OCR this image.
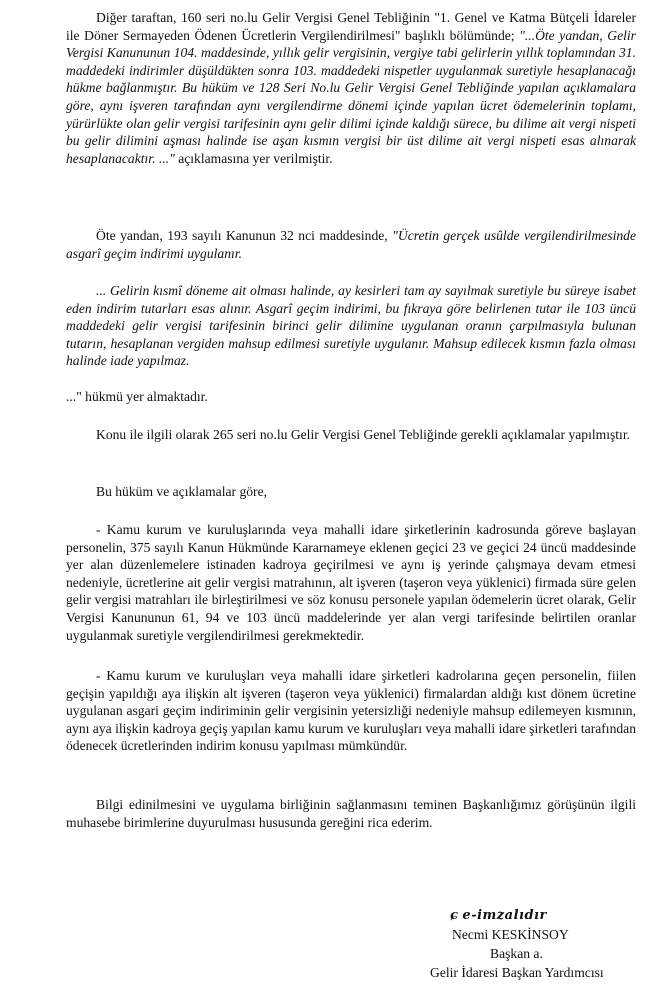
Diğer taraftan, 160 seri no.lu Gelir Vergisi Genel Tebliğinin "1. Genel ve Katma Bütçeli İdareler ile Döner Sermayeden Ödenen Ücretlerin Vergilendirilmesi" başlıklı bölümünde; "...Öte yandan, Gelir Vergisi Kanununun 104. maddesinde, yıllık gelir vergisinin, vergiye tabi gelirlerin yıllık toplamından 31. maddedeki indirimler düşüldükten sonra 103. maddedeki nispetler uygulanmak suretiyle hesaplanacağı hükme bağlanmıştır. Bu hüküm ve 128 Seri No.lu Gelir Vergisi Genel Tebliğinde yapılan açıklamalara göre, aynı işveren tarafından aynı vergilendirme dönemi içinde yapılan ücret ödemelerinin toplamı, yürürlükte olan gelir vergisi tarifesinin aynı gelir dilimi içinde kaldığı sürece, bu dilime ait vergi nispeti bu gelir dilimini aşması halinde ise aşan kısmın vergisi bir üst dilime ait vergi nispeti esas alınarak hesaplanacaktır. ..." açıklamasına yer verilmiştir.

Öte yandan, 193 sayılı Kanunun 32 nci maddesinde, "Ücretin gerçek usûlde vergilendirilmesinde asgarî geçim indirimi uygulanır.

... Gelirin kısmî döneme ait olması halinde, ay kesirleri tam ay sayılmak suretiyle bu süreye isabet eden indirim tutarları esas alınır. Asgarî geçim indirimi, bu fıkraya göre belirlenen tutar ile 103 üncü maddedeki gelir vergisi tarifesinin birinci gelir dilimine uygulanan oranın çarpılmasıyla bulunan tutarın, hesaplanan vergiden mahsup edilmesi suretiyle uygulanır. Mahsup edilecek kısmın fazla olması halinde iade yapılmaz.

..." hükmü yer almaktadır.

Konu ile ilgili olarak 265 seri no.lu Gelir Vergisi Genel Tebliğinde gerekli açıklamalar yapılmıştır.

Bu hüküm ve açıklamalar göre,

- Kamu kurum ve kuruluşlarında veya mahalli idare şirketlerinin kadrosunda göreve başlayan personelin, 375 sayılı Kanun Hükmünde Kararnameye eklenen geçici 23 ve geçici 24 üncü maddesinde yer alan düzenlemelere istinaden kadroya geçirilmesi ve aynı iş yerinde çalışmaya devam etmesi nedeniyle, ücretlerine ait gelir vergisi matrahının, alt işveren (taşeron veya yüklenici) firmada süre gelen gelir vergisi matrahları ile birleştirilmesi ve söz konusu personele yapılan ödemelerin ücret olarak, Gelir Vergisi Kanununun 61, 94 ve 103 üncü maddelerinde yer alan vergi tarifesinde belirtilen oranlar uygulanmak suretiyle vergilendirilmesi gerekmektedir.

- Kamu kurum ve kuruluşları veya mahalli idare şirketleri kadrolarına geçen personelin, fiilen geçişin yapıldığı aya ilişkin alt işveren (taşeron veya yüklenici) firmalardan aldığı kıst dönem ücretine uygulanan asgari geçim indiriminin gelir vergisinin yetersizliği nedeniyle mahsup edilemeyen kısmının, aynı aya ilişkin kadroya geçiş yapılan kamu kurum ve kuruluşları veya mahalli idare şirketleri tarafından ödenecek ücretlerinden indirim konusu yapılması mümkündür.

Bilgi edinilmesini ve uygulama birliğinin sağlanmasını teminen Başkanlığımız görüşünün ilgili muhasebe birimlerine duyurulması hususunda gereğini rica ederim.

ɕ e-imzalıdır
Necmi KESKİNSOY
Başkan a.
Gelir İdaresi Başkan Yardımcısı
